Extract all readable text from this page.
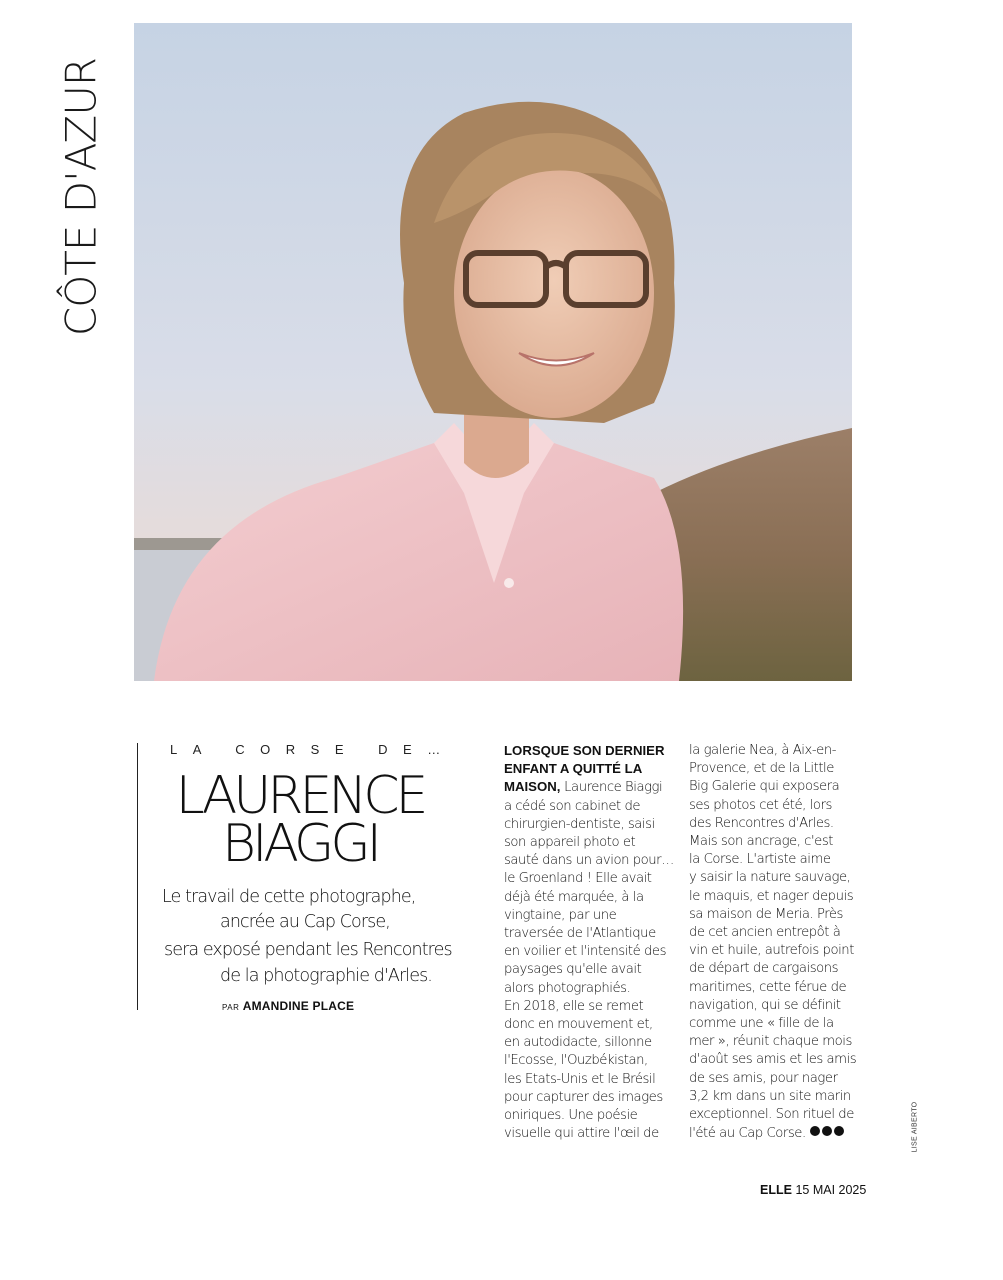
CÔTE D'AZUR
LA CORSE DE…
LAURENCE
BIAGGI
Le travail de cette photographe,
ancrée au Cap Corse,
sera exposé pendant les Rencontres
de la photographie d'Arles.
PAR AMANDINE PLACE
LORSQUE SON DERNIER
ENFANT A QUITTÉ LA
MAISON, Laurence Biaggi
a cédé son cabinet de
chirurgien-dentiste, saisi
son appareil photo et
sauté dans un avion pour…
le Groenland ! Elle avait
déjà été marquée, à la
vingtaine, par une
traversée de l'Atlantique
en voilier et l'intensité des
paysages qu'elle avait
alors photographiés.
En 2018, elle se remet
donc en mouvement et,
en autodidacte, sillonne
l'Ecosse, l'Ouzbékistan,
les Etats-Unis et le Brésil
pour capturer des images
oniriques. Une poésie
visuelle qui attire l'œil de
la galerie Nea, à Aix-en-
Provence, et de la Little
Big Galerie qui exposera
ses photos cet été, lors
des Rencontres d'Arles.
Mais son ancrage, c'est
la Corse. L'artiste aime
y saisir la nature sauvage,
le maquis, et nager depuis
sa maison de Meria. Près
de cet ancien entrepôt à
vin et huile, autrefois point
de départ de cargaisons
maritimes, cette férue de
navigation, qui se définit
comme une « fille de la
mer », réunit chaque mois
d'août ses amis et les amis
de ses amis, pour nager
3,2 km dans un site marin
exceptionnel. Son rituel de
l'été au Cap Corse.	LISE AIBERTO
ELLE 15 MAI 2025
